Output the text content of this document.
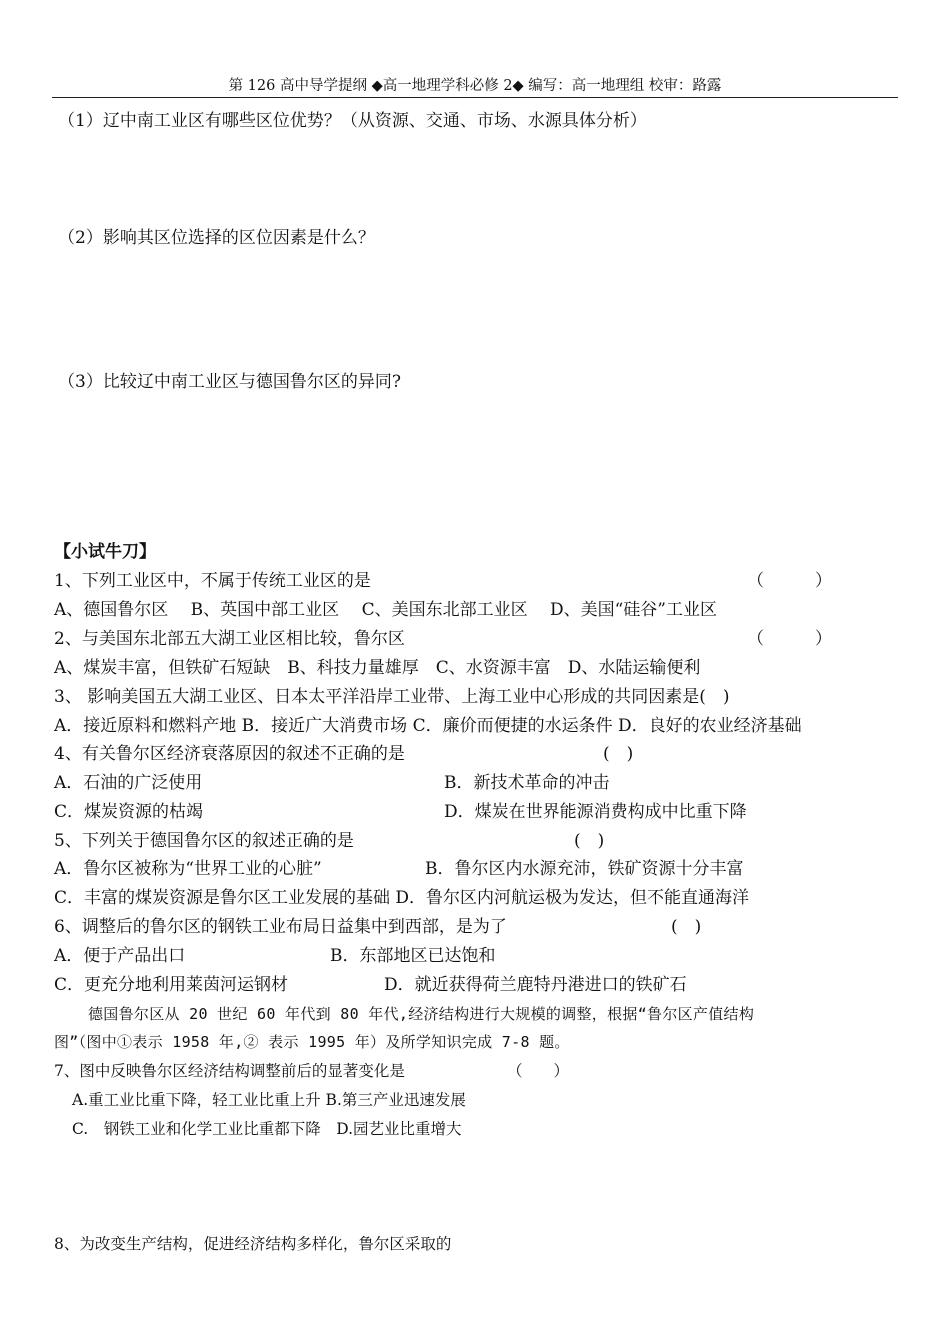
第 126 高中导学提纲 ◆高一地理学科必修 2◆ 编写：高一地理组 校审：路露
（1）辽中南工业区有哪些区位优势？（从资源、交通、市场、水源具体分析）
（2）影响其区位选择的区位因素是什么？
（3）比较辽中南工业区与德国鲁尔区的异同?
【小试牛刀】
1、下列工业区中，不属于传统工业区的是	（　　　）
A、德国鲁尔区　 B、英国中部工业区　 C、美国东北部工业区　 D、美国“硅谷”工业区
2、与美国东北部五大湖工业区相比较，鲁尔区	（　　　）
A、煤炭丰富，但铁矿石短缺　B、科技力量雄厚　C、水资源丰富　D、水陆运输便利
3、 影响美国五大湖工业区、日本太平洋沿岸工业带、上海工业中心形成的共同因素是(　)
A．接近原料和燃料产地 B．接近广大消费市场 C．廉价而便捷的水运条件 D．良好的农业经济基础
4、有关鲁尔区经济衰落原因的叙述不正确的是	(　)
A．石油的广泛使用	B．新技术革命的冲击
C．煤炭资源的枯竭	D．煤炭在世界能源消费构成中比重下降
5、下列关于德国鲁尔区的叙述正确的是	(　)
A．鲁尔区被称为“世界工业的心脏”	B．鲁尔区内水源充沛，铁矿资源十分丰富
C．丰富的煤炭资源是鲁尔区工业发展的基础 D．鲁尔区内河航运极为发达，但不能直通海洋
6、调整后的鲁尔区的钢铁工业布局日益集中到西部，是为了	(　)
A．便于产品出口	B．东部地区已达饱和
C．更充分地利用莱茵河运钢材	D．就近获得荷兰鹿特丹港进口的铁矿石
德国鲁尔区从 20 世纪 60 年代到 80 年代,经济结构进行大规模的调整，根据“鲁尔区产值结构
图”（图中①表示 1958 年,② 表示 1995 年）及所学知识完成 7-8 题。
7、图中反映鲁尔区经济结构调整前后的显著变化是	（　　）
A.重工业比重下降，轻工业比重上升 B.第三产业迅速发展
C.　钢铁工业和化学工业比重都下降　D.园艺业比重增大
8、为改变生产结构，促进经济结构多样化，鲁尔区采取的
